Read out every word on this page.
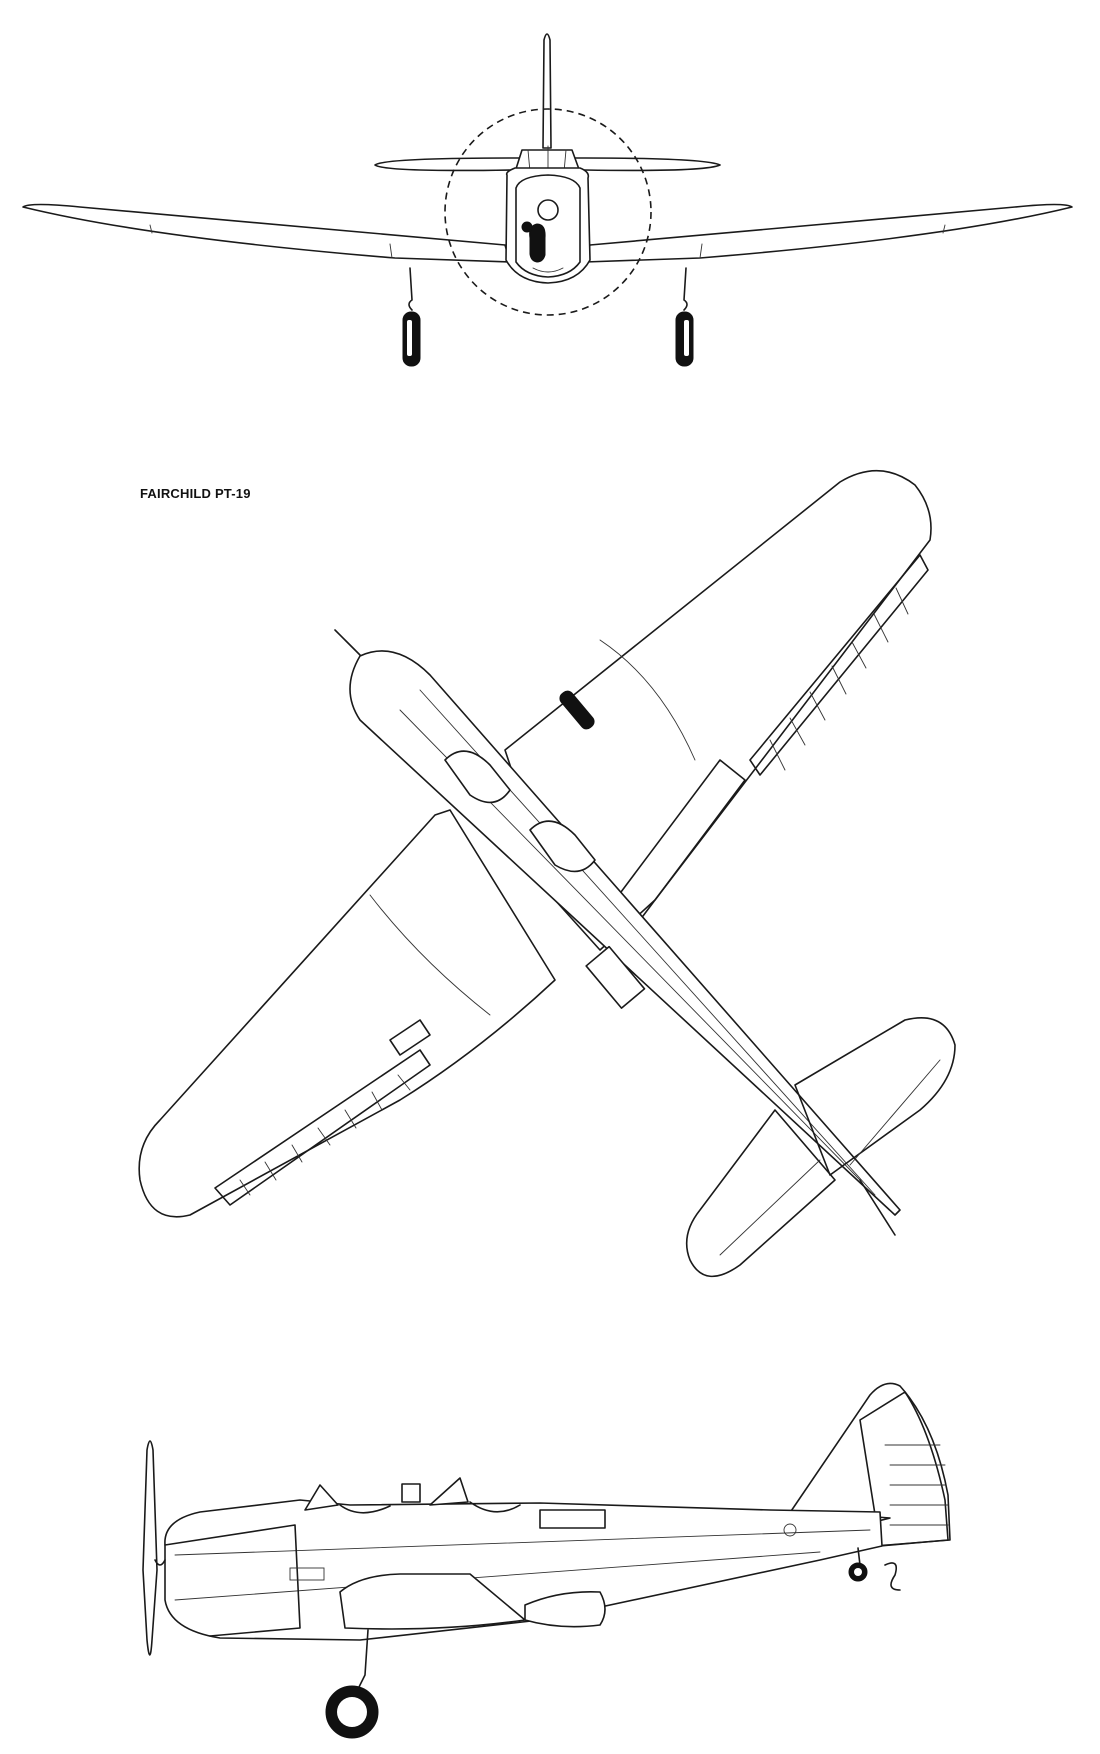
FAIRCHILD PT-19
